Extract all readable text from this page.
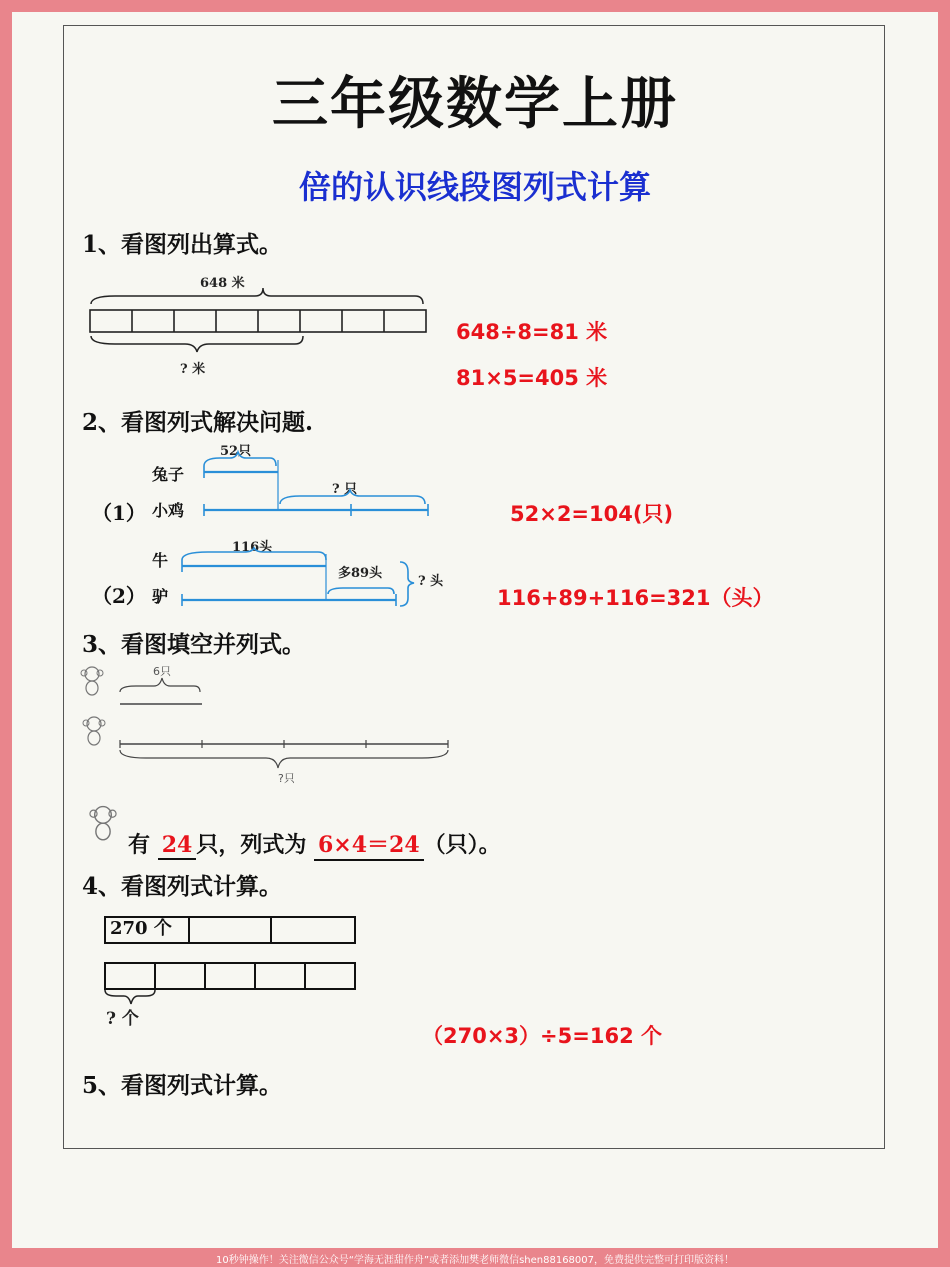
三年级数学上册
倍的认识线段图列式计算
1、看图列出算式。
648 米
? 米
648÷8=81 米
81×5=405 米
2、看图列式解决问题.
兔子
小鸡
（1）
52只
? 只
52×2=104(只)
牛
驴
（2）
116头
多89头
? 头
116+89+116=321（头）
3、看图填空并列式。
6只
?只
有 24 只，列式为 6×4＝24 （只）。
4、看图列式计算。
270 个
? 个
（270×3）÷5=162 个
5、看图列式计算。
10秒钟操作！关注微信公众号“学海无涯甜作舟”或者添加樊老师微信shen88168007，免费提供完整可打印版资料！
